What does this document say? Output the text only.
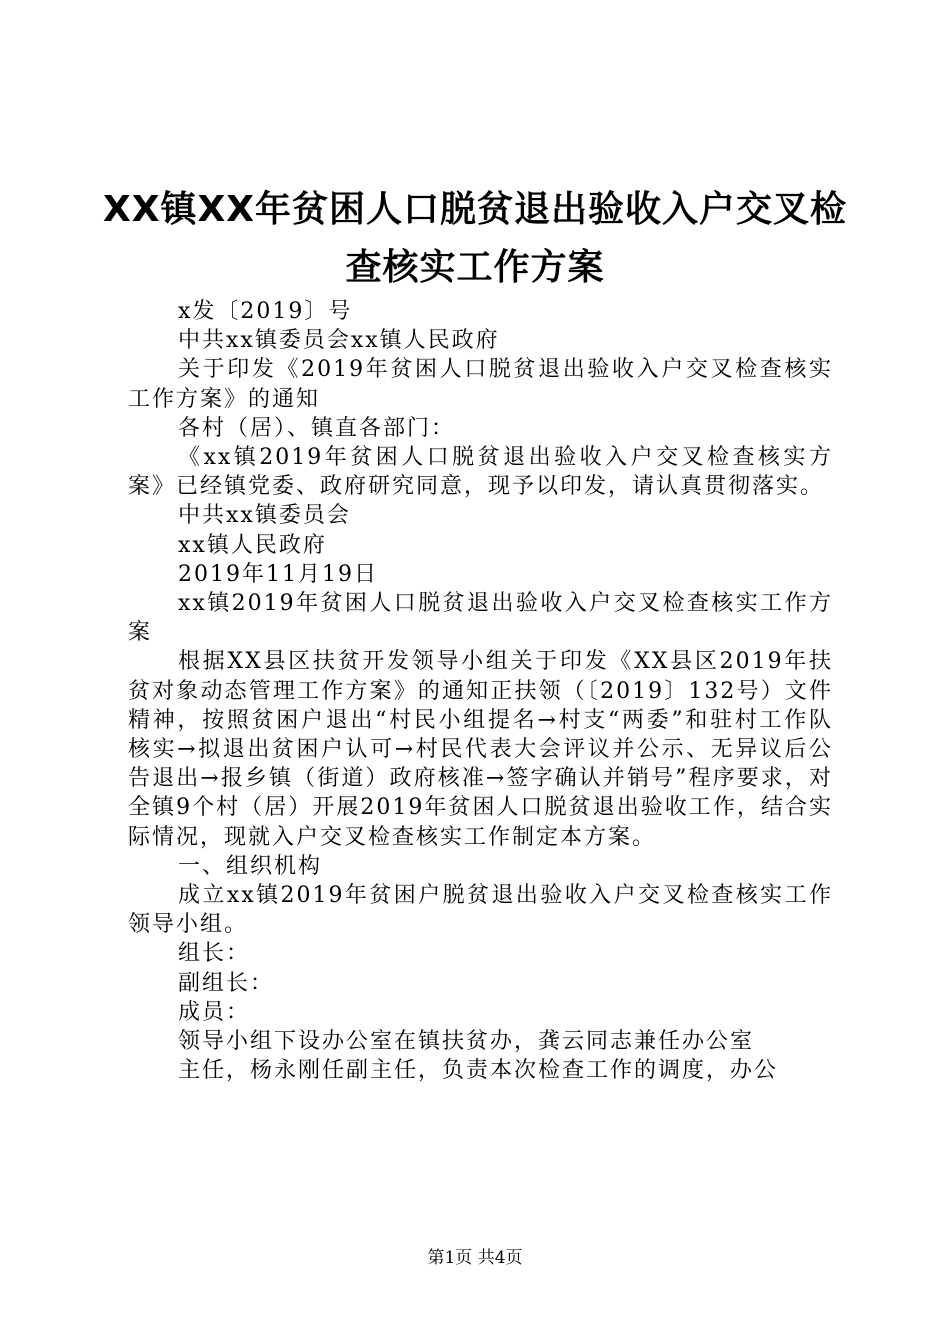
XX镇XX年贫困人口脱贫退出验收入户交叉检
查核实工作方案

x发〔2019〕号

中共xx镇委员会xx镇人民政府

关于印发《2019年贫困人口脱贫退出验收入户交叉检查核实工作方案》的通知

各村（居）、镇直各部门：

《xx镇2019年贫困人口脱贫退出验收入户交叉检查核实方案》已经镇党委、政府研究同意，现予以印发，请认真贯彻落实。

中共xx镇委员会

xx镇人民政府

2019年11月19日

xx镇2019年贫困人口脱贫退出验收入户交叉检查核实工作方案

根据XX县区扶贫开发领导小组关于印发《XX县区2019年扶贫对象动态管理工作方案》的通知正扶领（〔2019〕132号）文件精神，按照贫困户退出“村民小组提名→村支“两委”和驻村工作队核实→拟退出贫困户认可→村民代表大会评议并公示、无异议后公告退出→报乡镇（街道）政府核准→签字确认并销号”程序要求，对全镇9个村（居）开展2019年贫困人口脱贫退出验收工作，结合实际情况，现就入户交叉检查核实工作制定本方案。

一、组织机构

成立xx镇2019年贫困户脱贫退出验收入户交叉检查核实工作领导小组。

组长：

副组长：

成员：

领导小组下设办公室在镇扶贫办，龚云同志兼任办公室

主任，杨永刚任副主任，负责本次检查工作的调度，办公

第1页 共4页
